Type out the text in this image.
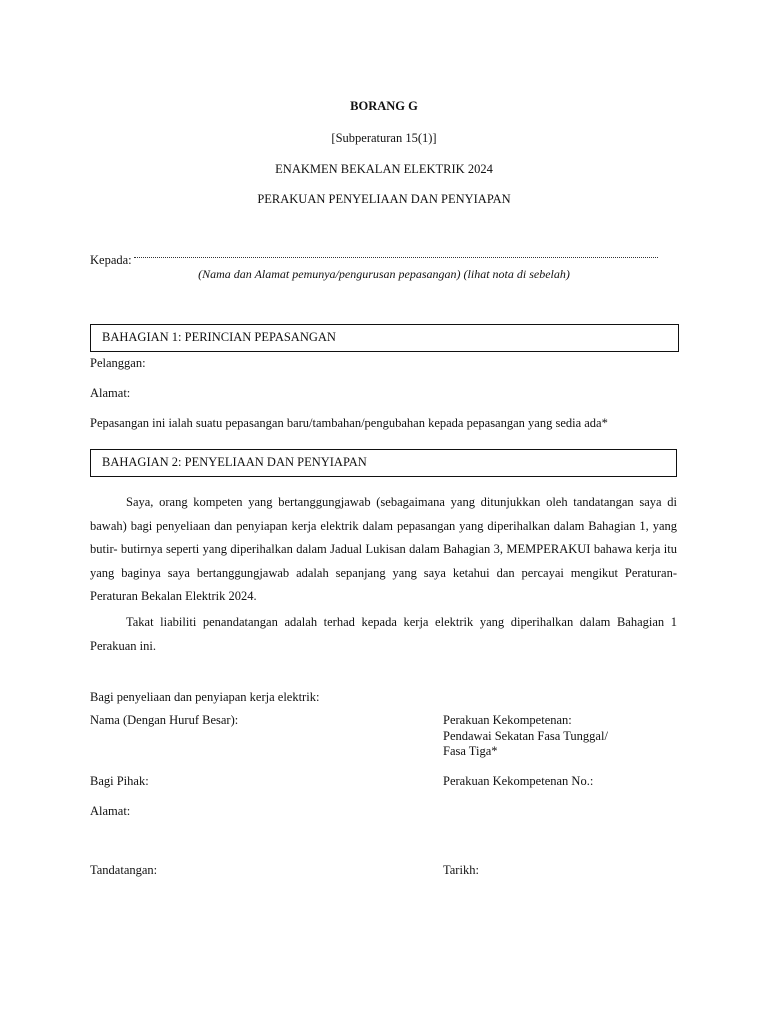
BORANG G
[Subperaturan 15(1)]
ENAKMEN BEKALAN ELEKTRIK 2024
PERAKUAN PENYELIAAN DAN PENYIAPAN
Kepada:
(Nama dan Alamat pemunya/pengurusan pepasangan) (lihat nota di sebelah)
BAHAGIAN 1: PERINCIAN PEPASANGAN
Pelanggan:
Alamat:
Pepasangan ini ialah suatu pepasangan baru/tambahan/pengubahan kepada pepasangan yang sedia ada*
BAHAGIAN 2: PENYELIAAN DAN PENYIAPAN
Saya, orang kompeten yang bertanggungjawab (sebagaimana yang ditunjukkan oleh tandatangan saya di bawah) bagi penyeliaan dan penyiapan kerja elektrik dalam pepasangan yang diperihalkan dalam Bahagian 1, yang butir- butirnya seperti yang diperihalkan dalam Jadual Lukisan dalam Bahagian 3, MEMPERAKUI bahawa kerja itu yang baginya saya bertanggungjawab adalah sepanjang yang saya ketahui dan percayai mengikut Peraturan-Peraturan Bekalan Elektrik 2024.
Takat liabiliti penandatangan adalah terhad kepada kerja elektrik yang diperihalkan dalam Bahagian 1 Perakuan ini.
Bagi penyeliaan dan penyiapan kerja elektrik:
Nama (Dengan Huruf Besar):	Perakuan Kekompetenan:
Pendawai Sekatan Fasa Tunggal/
Fasa Tiga*
Bagi Pihak:	Perakuan Kekompetenan No.:
Alamat:
Tandatangan:	Tarikh:
